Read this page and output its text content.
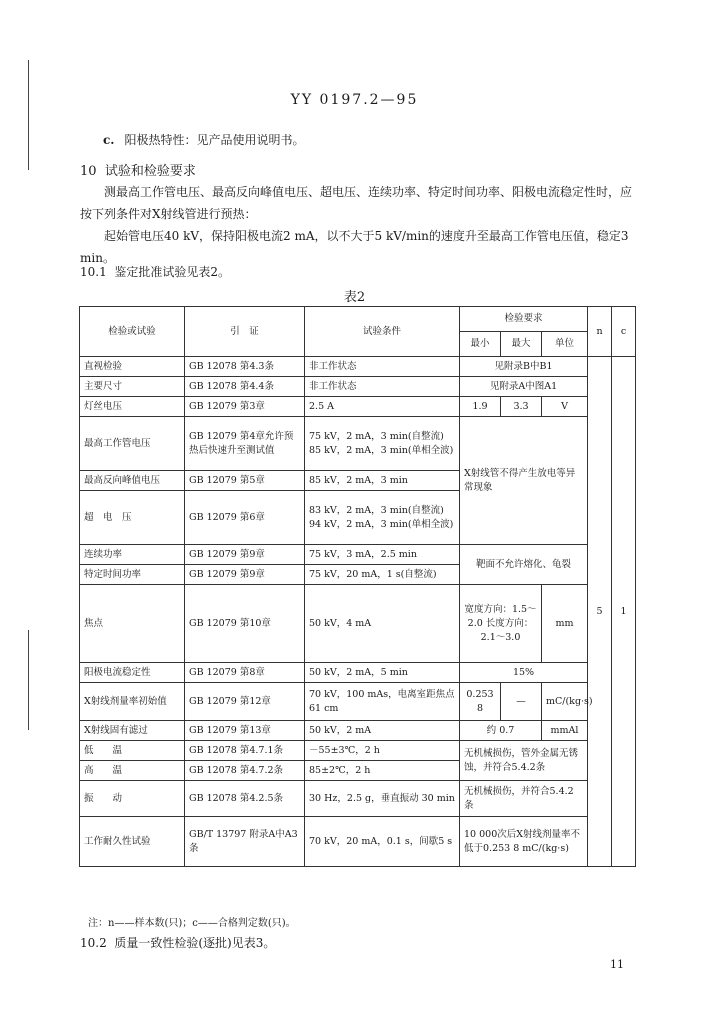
YY 0197.2—95
c. 阳极热特性：见产品使用说明书。
10 试验和检验要求
测最高工作管电压、最高反向峰值电压、超电压、连续功率、特定时间功率、阳极电流稳定性时，应按下列条件对X射线管进行预热：
起始管电压40 kV，保持阳极电流2 mA，以不大于5 kV/min的速度升至最高工作管电压值，稳定3 min。
10.1 鉴定批准试验见表2。
表2
检验或试验	引　证	试验条件	检验要求			n	c
			最小	最大	单位		
直视检验	GB 12078 第4.3条	非工作状态	见附录B中B1			5	1
主要尺寸	GB 12078 第4.4条	非工作状态	见附录A中图A1				
灯丝电压	GB 12079 第3章	2.5 A	1.9	3.3	V		
最高工作管电压	GB 12079 第4章允许预热后快速升至测试值	75 kV，2 mA，3 min(自整流) 85 kV，2 mA，3 min(单相全波)	X射线管不得产生放电等异常现象				
最高反向峰值电压	GB 12079 第5章	85 kV，2 mA，3 min					
超　电　压	GB 12079 第6章	83 kV，2 mA，3 min(自整流) 94 kV，2 mA，3 min(单相全波)					
连续功率	GB 12079 第9章	75 kV，3 mA，2.5 min	靶面不允许熔化、龟裂				
特定时间功率	GB 12079 第9章	75 kV，20 mA，1 s(自整流)					
焦点	GB 12079 第10章	50 kV，4 mA	宽度方向：1.5～2.0 长度方向：2.1～3.0		mm		
阳极电流稳定性	GB 12079 第8章	50 kV，2 mA，5 min	15%				
X射线剂量率初始值	GB 12079 第12章	70 kV，100 mAs，电离室距焦点 61 cm	0.253 8	—	mC/(kg·s)		
X射线固有滤过	GB 12079 第13章	50 kV，2 mA	约 0.7		mmAl		
低　　温	GB 12078 第4.7.1条	－55±3℃，2 h	无机械损伤，管外金属无锈蚀，并符合5.4.2条				
高　　温	GB 12078 第4.7.2条	85±2℃，2 h					
振　　动	GB 12078 第4.2.5条	30 Hz，2.5 g，垂直振动 30 min	无机械损伤，并符合5.4.2条				
工作耐久性试验	GB/T 13797 附录A中A3条	70 kV，20 mA，0.1 s，间歇5 s	10 000次后X射线剂量率不低于0.253 8 mC/(kg·s)				
注：n——样本数(只)；c——合格判定数(只)。
10.2 质量一致性检验(逐批)见表3。
11
